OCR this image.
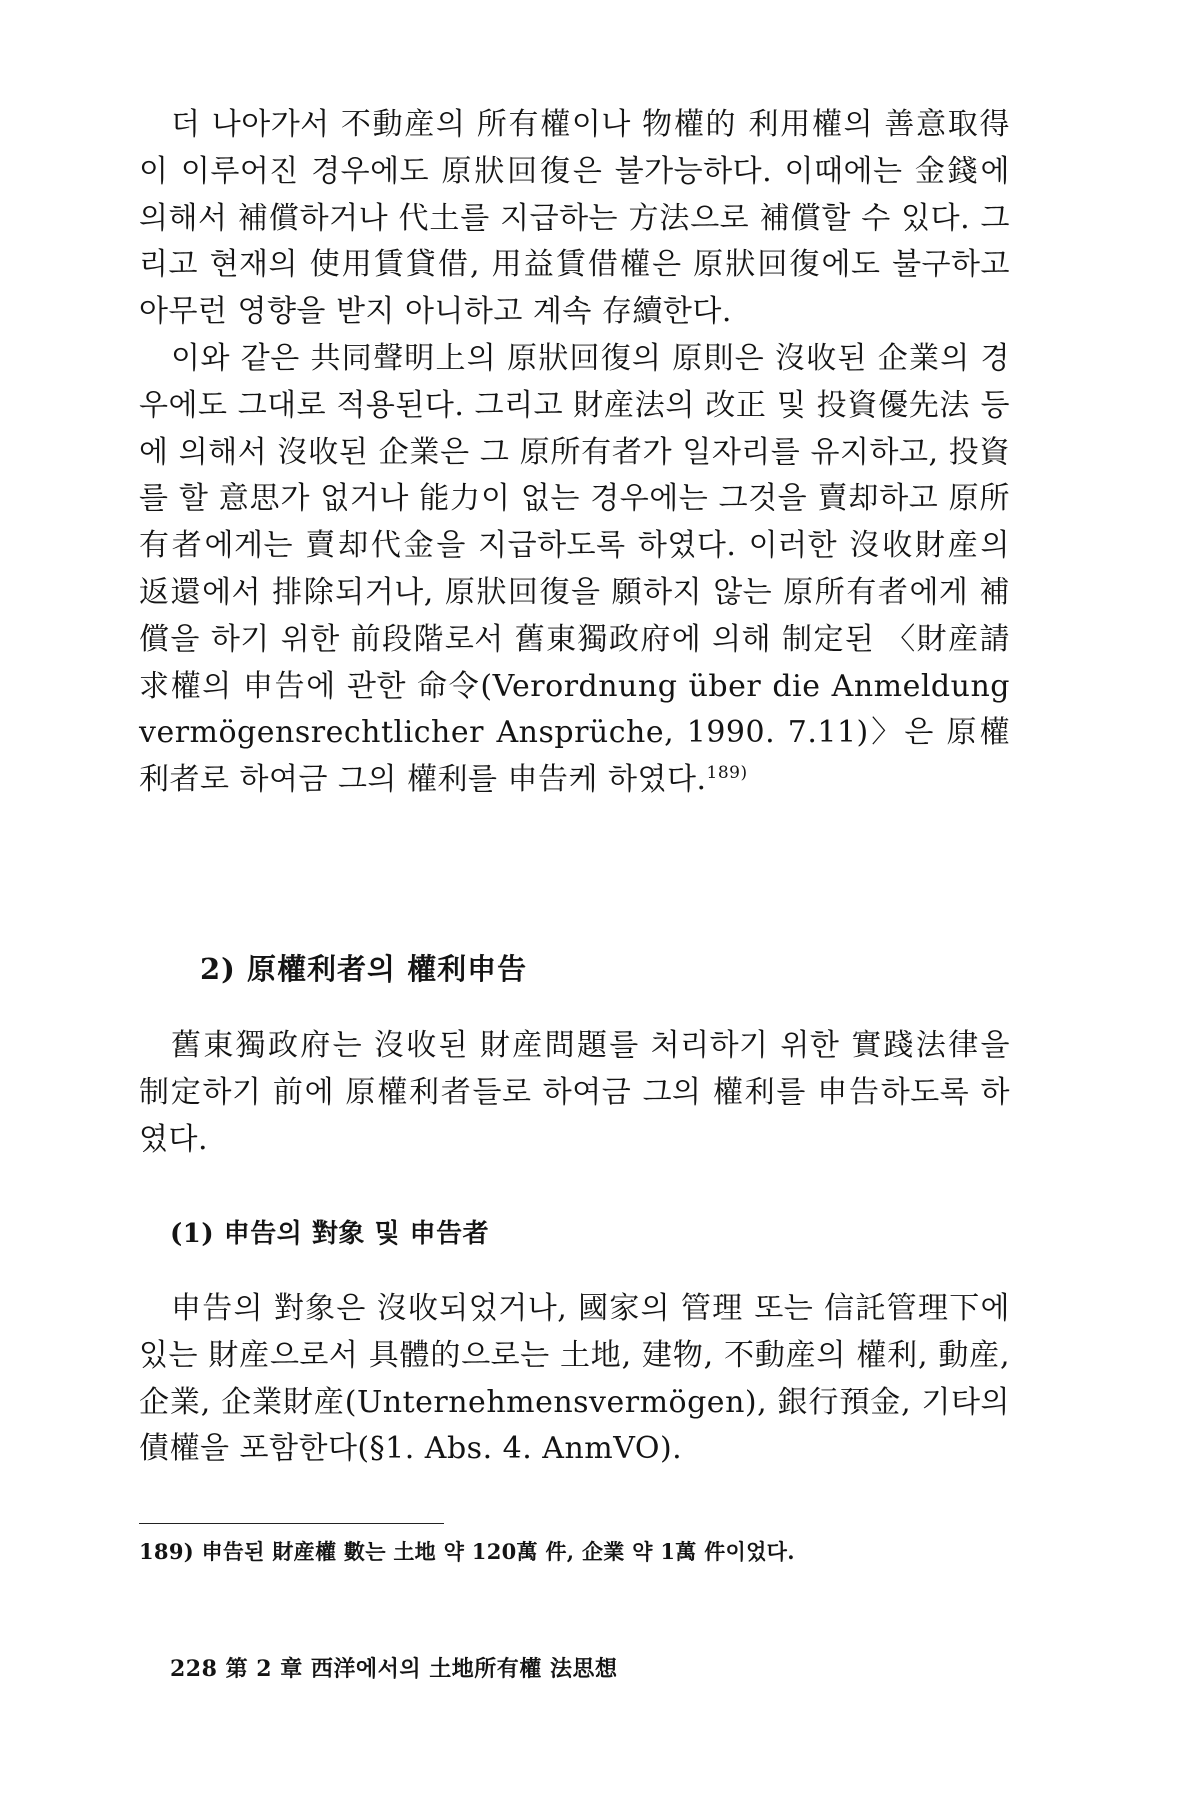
더 나아가서 不動産의 所有權이나 物權的 利用權의 善意取得이 이루어진 경우에도 原狀回復은 불가능하다. 이때에는 金錢에 의해서 補償하거나 代土를 지급하는 方法으로 補償할 수 있다. 그리고 현재의 使用賃貸借, 用益賃借權은 原狀回復에도 불구하고 아무런 영향을 받지 아니하고 계속 存續한다.

이와 같은 共同聲明上의 原狀回復의 原則은 沒收된 企業의 경우에도 그대로 적용된다. 그리고 財産法의 改正 및 投資優先法 등에 의해서 沒收된 企業은 그 原所有者가 일자리를 유지하고, 投資를 할 意思가 없거나 能力이 없는 경우에는 그것을 賣却하고 原所有者에게는 賣却代金을 지급하도록 하였다. 이러한 沒收財産의 返還에서 排除되거나, 原狀回復을 願하지 않는 原所有者에게 補償을 하기 위한 前段階로서 舊東獨政府에 의해 制定된 〈財産請求權의 申告에 관한 命令(Verordnung über die Anmeldung vermögensrechtlicher Ansprüche, 1990. 7.11)〉은 原權利者로 하여금 그의 權利를 申告케 하였다.$^{189)}$

2) 原權利者의 權利申告

舊東獨政府는 沒收된 財産問題를 처리하기 위한 實踐法律을 制定하기 前에 原權利者들로 하여금 그의 權利를 申告하도록 하였다.

(1) 申告의 對象 및 申告者

申告의 對象은 沒收되었거나, 國家의 管理 또는 信託管理下에 있는 財産으로서 具體的으로는 土地, 建物, 不動産의 權利, 動産, 企業, 企業財産(Unternehmensvermögen), 銀行預金, 기타의 債權을 포함한다(§1. Abs. 4. AnmVO).

189) 申告된 財産權 數는 土地 약 120萬 件, 企業 약 1萬 件이었다.

228 第 2 章 西洋에서의 土地所有權 法思想
